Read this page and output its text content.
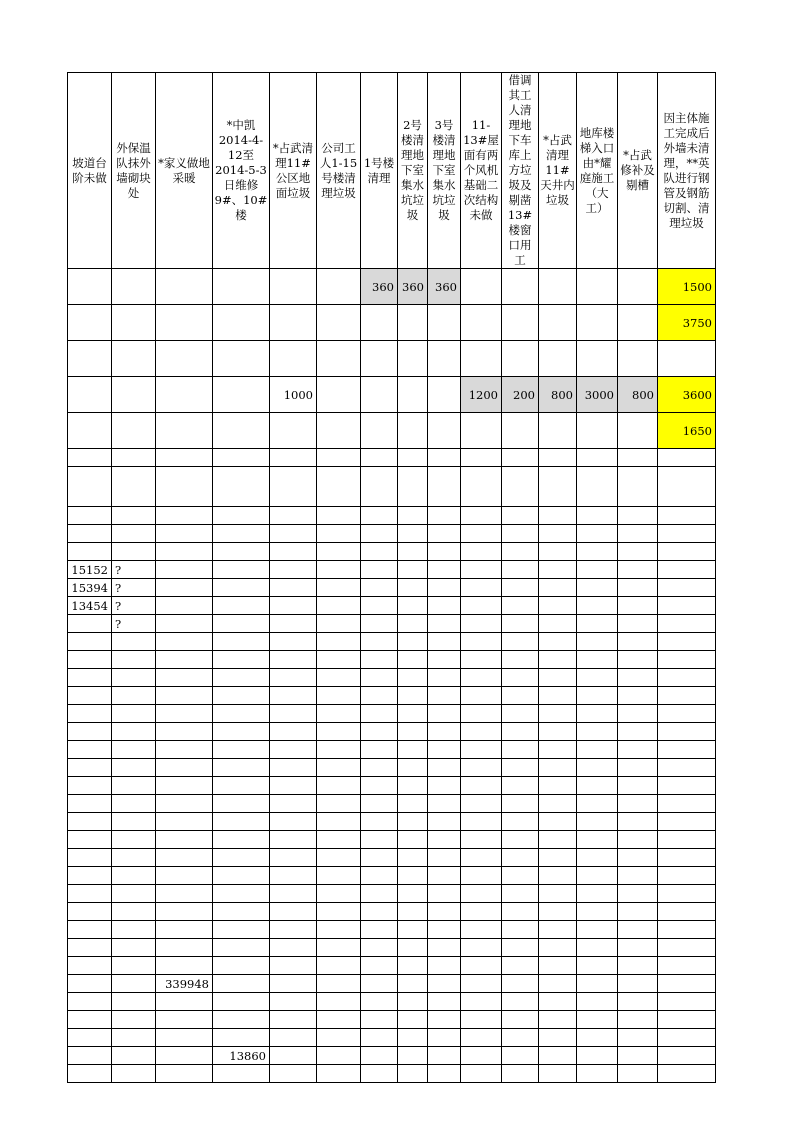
坡道台阶未做	外保温队抹外墙砌块处	*家义做地采暖	*中凯2014-4-12至2014-5-3日维修9#、10#楼	*占武清理11#公区地面垃圾	公司工人1-15号楼清理垃圾	1号楼清理	2号楼清理地下室集水坑垃圾	3号楼清理地下室集水坑垃圾	11-13#屋面有两个风机基础二次结构未做	借调其工人清理地下车库上方垃圾及剔凿13#楼窗口用工	*占武清理11#天井内垃圾	地库楼梯入口由*耀庭施工（大工）	*占武修补及剔槽	因主体施工完成后外墙未清理，**英队进行钢管及钢筋切割、清理垃圾
						360	360	360						1500
														3750

				1000					1200	200	800	3000	800	3600
														1650

15152	?													
15394	?													
13454	?													
	?													

		339948												

			13860											
